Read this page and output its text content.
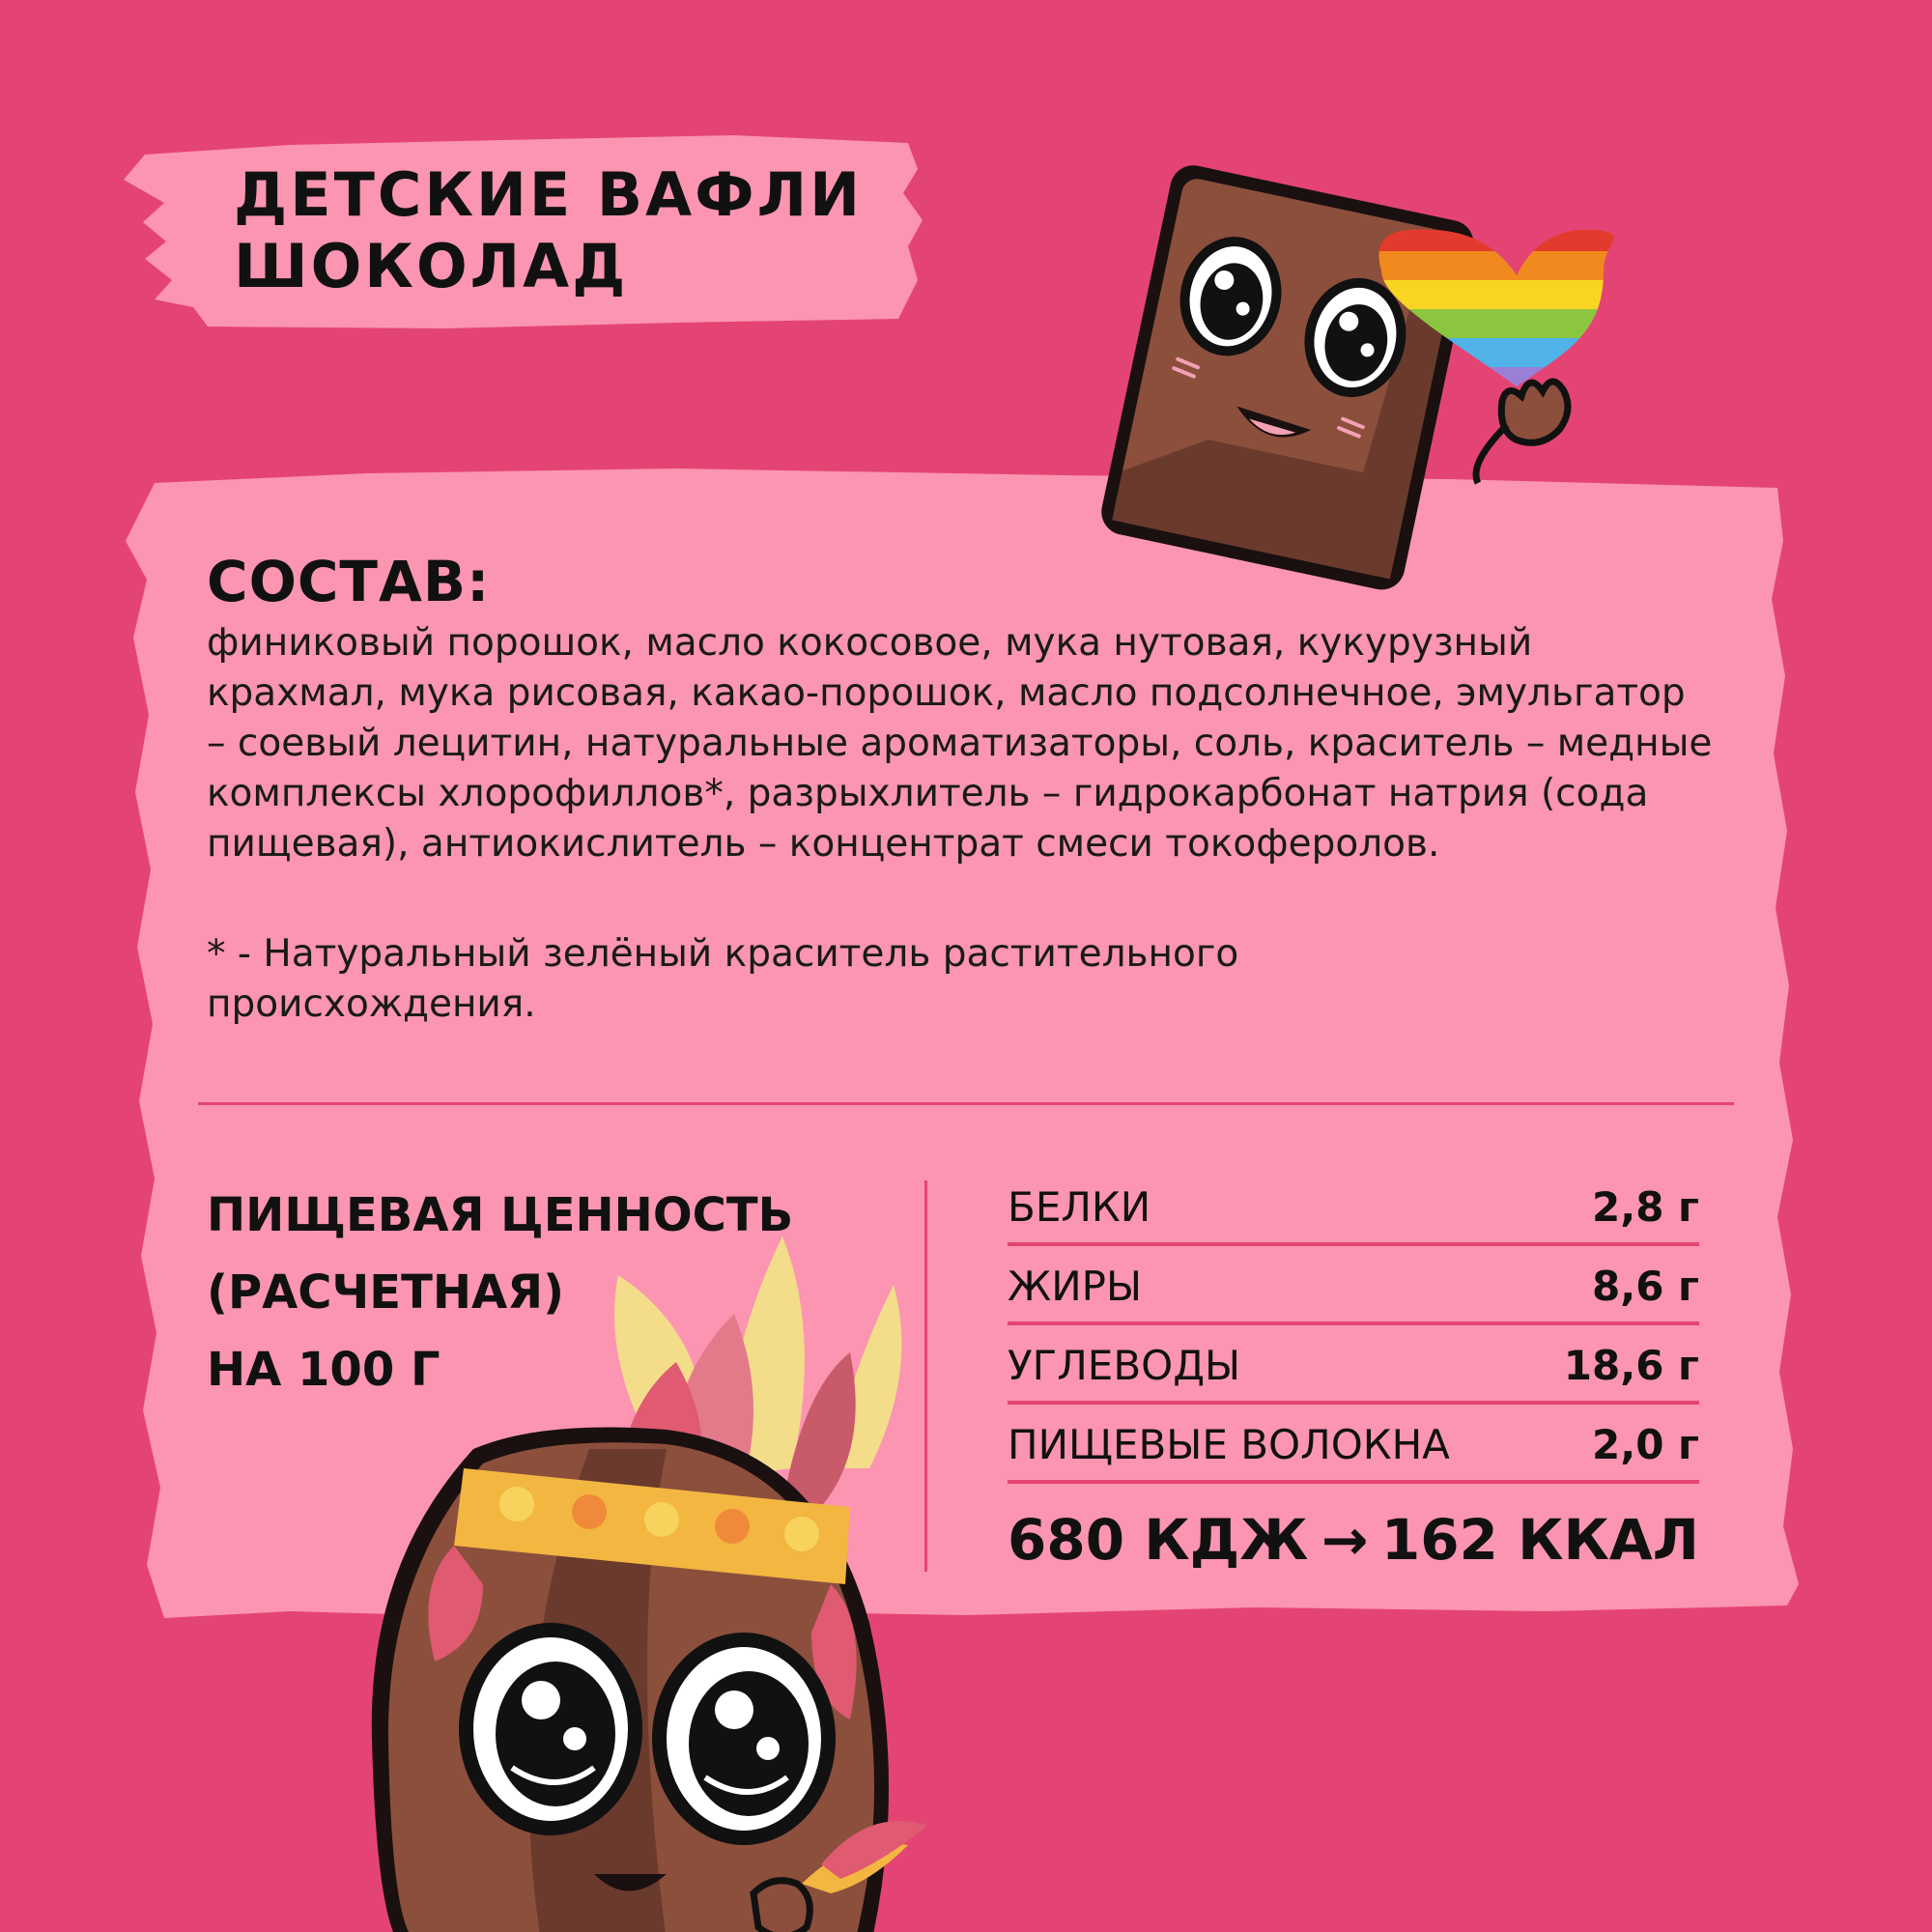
ДЕТСКИЕ ВАФЛИ
ШОКОЛАД
СОСТАВ:
финиковый порошок, масло кокосовое, мука нутовая, кукурузный крахмал, мука рисовая, какао-порошок, масло подсолнечное, эмульгатор – соевый лецитин, натуральные ароматизаторы, соль, краситель – медные комплексы хлорофиллов*, разрыхлитель – гидрокарбонат натрия (сода пищевая), антиокислитель – концентрат смеси токоферолов.
* - Натуральный зелёный краситель растительного происхождения.
ПИЩЕВАЯ ЦЕННОСТЬ
(РАСЧЕТНАЯ)
НА 100 Г
БЕЛКИ	2,8 г
ЖИРЫ	8,6 г
УГЛЕВОДЫ	18,6 г
ПИЩЕВЫЕ ВОЛОКНА	2,0 г
680 КДЖ → 162 ККАЛ
